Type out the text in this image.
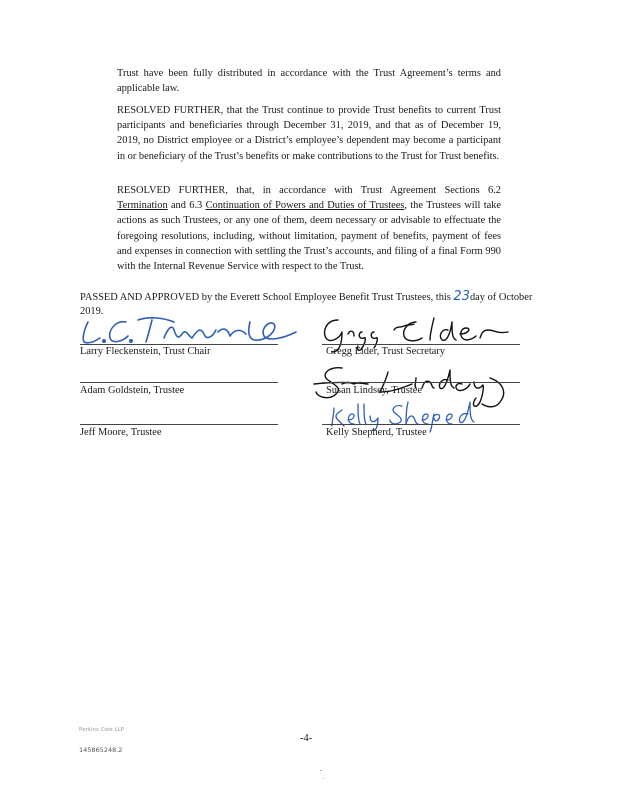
Trust have been fully distributed in accordance with the Trust Agreement’s terms and applicable law.

RESOLVED FURTHER, that the Trust continue to provide Trust benefits to current Trust participants and beneficiaries through December 31, 2019, and that as of December 19, 2019, no District employee or a District’s employee’s dependent may become a participant in or beneficiary of the Trust’s benefits or make contributions to the Trust for Trust benefits.

RESOLVED FURTHER, that, in accordance with Trust Agreement Sections 6.2 Termination and 6.3 Continuation of Powers and Duties of Trustees, the Trustees will take actions as such Trustees, or any one of them, deem necessary or advisable to effectuate the foregoing resolutions, including, without limitation, payment of benefits, payment of fees and expenses in connection with settling the Trust’s accounts, and filing of a final Form 990 with the Internal Revenue Service with respect to the Trust.

PASSED AND APPROVED by the Everett School Employee Benefit Trust Trustees, this 23day of October 2019.
Larry Fleckenstein, Trust Chair	Gregg Elder, Trust Secretary
Adam Goldstein, Trustee	Susan Lindsey, Trustee
Jeff Moore, Trustee	Kelly Shepherd, Trustee
Perkins Coie LLP
-4-
145865248.2
